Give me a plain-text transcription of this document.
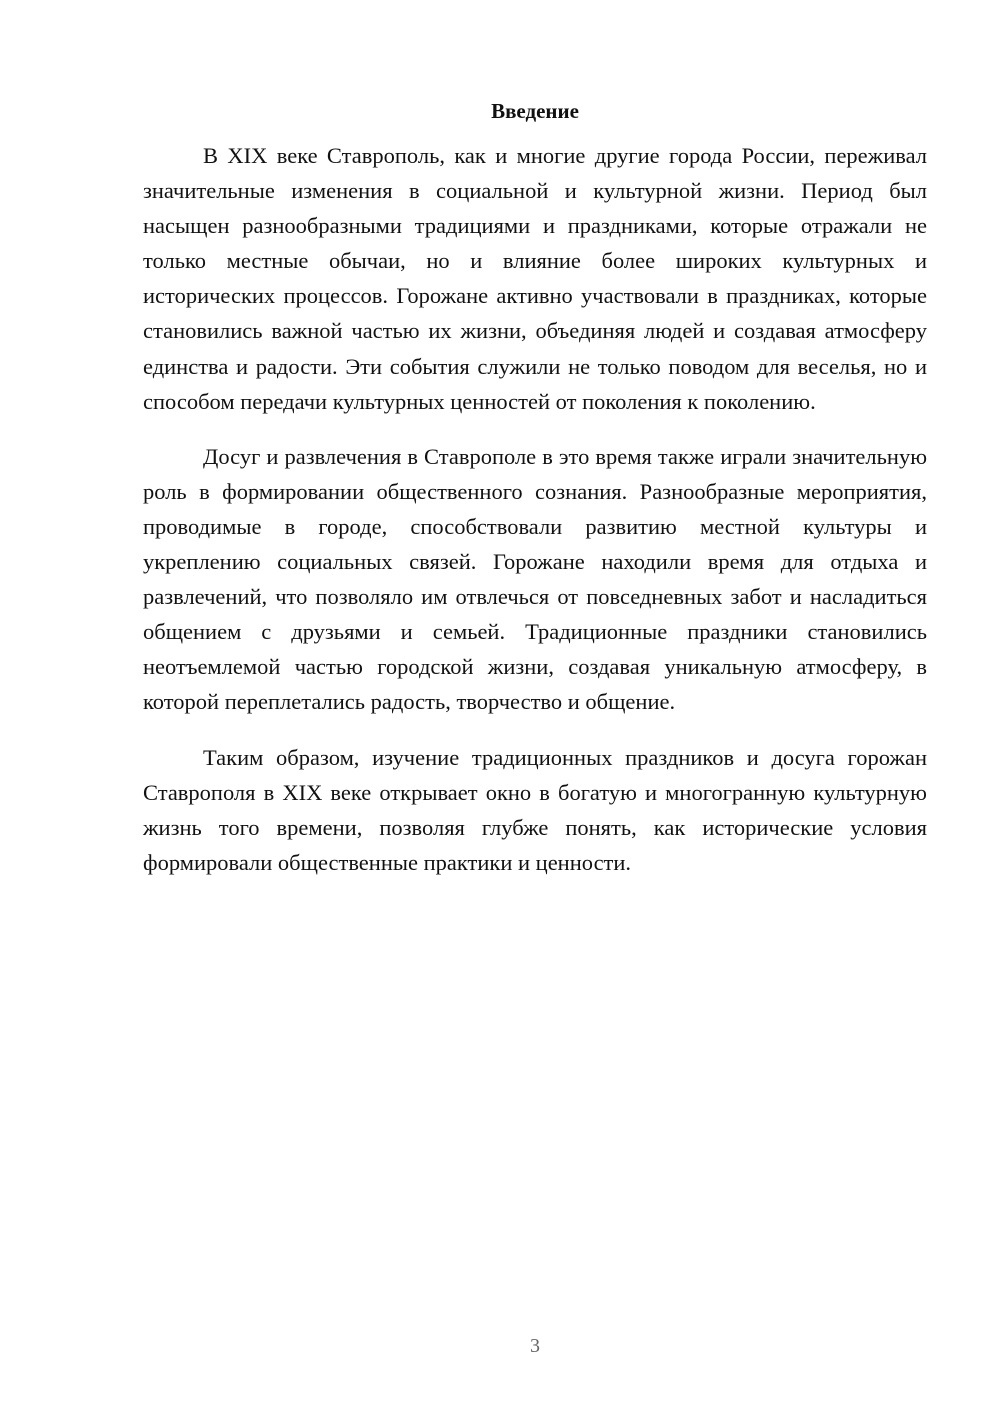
Введение

В XIX веке Ставрополь, как и многие другие города России, переживал значительные изменения в социальной и культурной жизни. Период был насыщен разнообразными традициями и праздниками, которые отражали не только местные обычаи, но и влияние более широких культурных и исторических процессов. Горожане активно участвовали в праздниках, которые становились важной частью их жизни, объединяя людей и создавая атмосферу единства и радости. Эти события служили не только поводом для веселья, но и способом передачи культурных ценностей от поколения к поколению.

Досуг и развлечения в Ставрополе в это время также играли значительную роль в формировании общественного сознания. Разнообразные мероприятия, проводимые в городе, способствовали развитию местной культуры и укреплению социальных связей. Горожане находили время для отдыха и развлечений, что позволяло им отвлечься от повседневных забот и насладиться общением с друзьями и семьей. Традиционные праздники становились неотъемлемой частью городской жизни, создавая уникальную атмосферу, в которой переплетались радость, творчество и общение.

Таким образом, изучение традиционных праздников и досуга горожан Ставрополя в XIX веке открывает окно в богатую и многогранную культурную жизнь того времени, позволяя глубже понять, как исторические условия формировали общественные практики и ценности.

3
